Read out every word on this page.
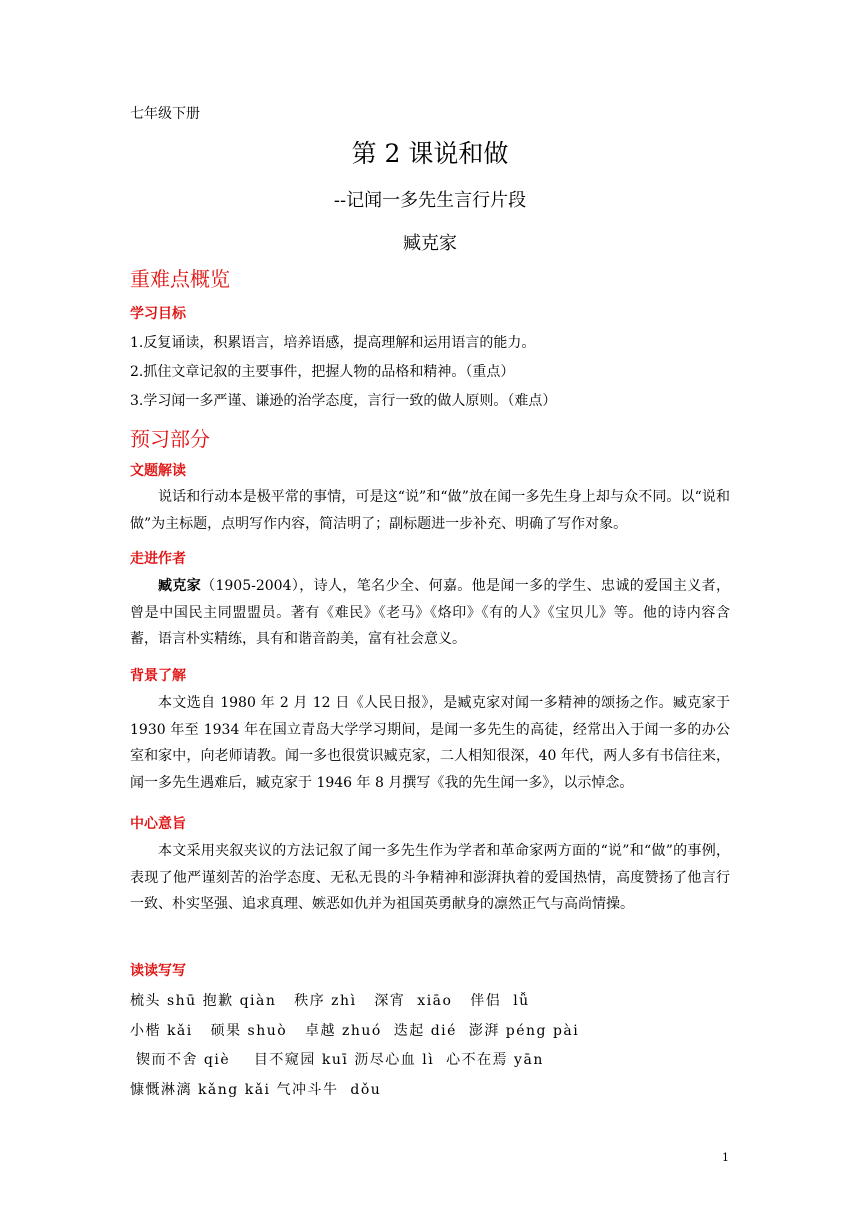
七年级下册
第 2 课说和做
--记闻一多先生言行片段
臧克家
重难点概览
学习目标
1.反复诵读，积累语言，培养语感，提高理解和运用语言的能力。
2.抓住文章记叙的主要事件，把握人物的品格和精神。（重点）
3.学习闻一多严谨、谦逊的治学态度，言行一致的做人原则。（难点）
预习部分
文题解读
说话和行动本是极平常的事情，可是这“说”和“做”放在闻一多先生身上却与众不同。以“说和做”为主标题，点明写作内容，简洁明了；副标题进一步补充、明确了写作对象。
走进作者
臧克家（1905-2004），诗人，笔名少全、何嘉。他是闻一多的学生、忠诚的爱国主义者，曾是中国民主同盟盟员。著有《难民》《老马》《烙印》《有的人》《宝贝儿》等。他的诗内容含蓄，语言朴实精练，具有和谐音韵美，富有社会意义。
背景了解
本文选自 1980 年 2 月 12 日《人民日报》，是臧克家对闻一多精神的颂扬之作。臧克家于 1930 年至 1934 年在国立青岛大学学习期间，是闻一多先生的高徒，经常出入于闻一多的办公室和家中，向老师请教。闻一多也很赏识臧克家，二人相知很深，40 年代，两人多有书信往来，闻一多先生遇难后，臧克家于 1946 年 8 月撰写《我的先生闻一多》，以示悼念。
中心意旨
本文采用夹叙夹议的方法记叙了闻一多先生作为学者和革命家两方面的“说”和“做”的事例，表现了他严谨刻苦的治学态度、无私无畏的斗争精神和澎湃执着的爱国热情，高度赞扬了他言行一致、朴实坚强、追求真理、嫉恶如仇并为祖国英勇献身的凛然正气与高尚情操。
读读写写
梳头 shū 抱歉 qiàn   秩序 zhì   深宵  xiāo   伴侣  lǚ
小楷 kǎi   硕果 shuò   卓越 zhuó  迭起 dié  澎湃 péng pài
锲而不舍 qiè    目不窥园 kuī 沥尽心血 lì  心不在焉 yān
慷慨淋漓 kǎng kǎi 气冲斗牛  dǒu
1
